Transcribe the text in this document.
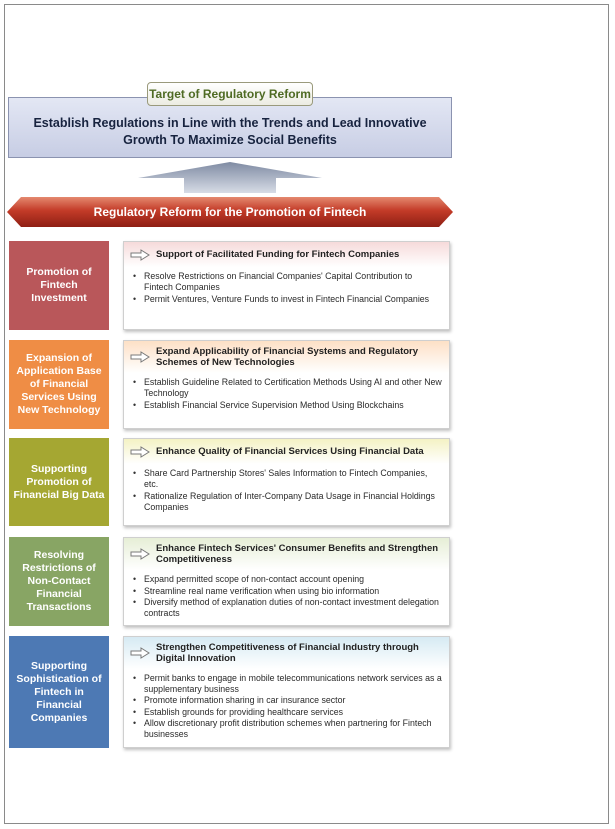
Establish Regulations in Line with the Trends and Lead Innovative Growth To Maximize Social Benefits
Target of Regulatory Reform
Regulatory Reform for the Promotion of Fintech
Promotion of Fintech Investment
Support of Facilitated Funding for Fintech Companies
• Resolve Restrictions on Financial Companies' Capital Contribution to Fintech Companies
• Permit Ventures, Venture Funds to invest in Fintech Financial Companies
Expansion of Application Base of Financial Services Using New Technology
Expand Applicability of Financial Systems and Regulatory Schemes of New Technologies
• Establish Guideline Related to Certification Methods Using AI and other New Technology
• Establish Financial Service Supervision Method Using Blockchains
Supporting Promotion of Financial Big Data
Enhance Quality of Financial Services Using Financial Data
• Share Card Partnership Stores' Sales Information to Fintech Companies, etc.
• Rationalize Regulation of Inter-Company Data Usage in Financial Holdings Companies
Resolving Restrictions of Non-Contact Financial Transactions
Enhance Fintech Services' Consumer Benefits and Strengthen Competitiveness
• Expand permitted scope of non-contact account opening
• Streamline real name verification when using bio information
• Diversify method of explanation duties of non-contact investment delegation contracts
Supporting Sophistication of Fintech in Financial Companies
Strengthen Competitiveness of Financial Industry through Digital Innovation
• Permit banks to engage in mobile telecommunications network services as a supplementary business
• Promote information sharing in car insurance sector
• Establish grounds for providing healthcare services
• Allow discretionary profit distribution schemes when partnering for Fintech businesses
